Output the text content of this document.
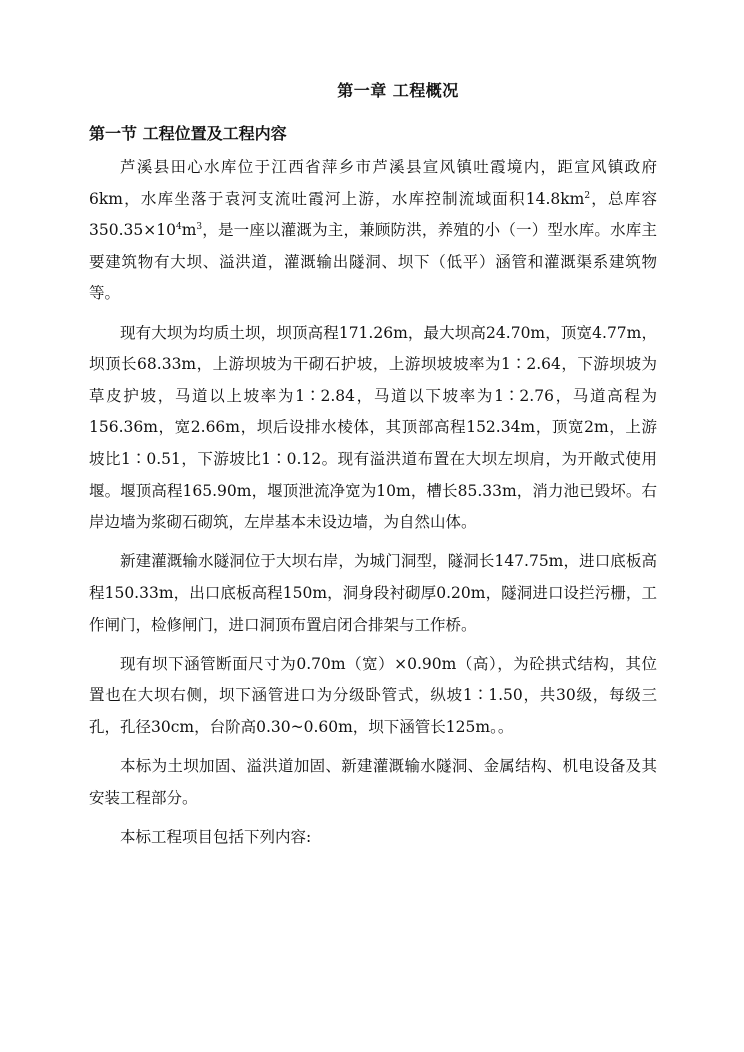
第一章 工程概况
第一节 工程位置及工程内容

芦溪县田心水库位于江西省萍乡市芦溪县宣风镇吐霞境内，距宣风镇政府6km，水库坐落于袁河支流吐霞河上游，水库控制流域面积$14.8km^2$，总库容$350.35\times 10^4m^3$，是一座以灌溉为主，兼顾防洪，养殖的小（一）型水库。水库主要建筑物有大坝、溢洪道，灌溉输出隧洞、坝下（低平）涵管和灌溉渠系建筑物等。

现有大坝为均质土坝，坝顶高程171.26m，最大坝高24.70m，顶宽4.77m，坝顶长68.33m，上游坝坡为干砌石护坡，上游坝坡坡率为1∶2.64，下游坝坡为草皮护坡，马道以上坡率为1∶2.84，马道以下坡率为1∶2.76，马道高程为156.36m，宽2.66m，坝后设排水棱体，其顶部高程152.34m，顶宽2m，上游坡比1∶0.51，下游坡比1∶0.12。现有溢洪道布置在大坝左坝肩，为开敞式使用堰。堰顶高程165.90m，堰顶泄流净宽为10m，槽长85.33m，消力池已毁坏。右岸边墙为浆砌石砌筑，左岸基本未设边墙，为自然山体。

新建灌溉输水隧洞位于大坝右岸，为城门洞型，隧洞长147.75m，进口底板高程150.33m，出口底板高程150m，洞身段衬砌厚0.20m，隧洞进口设拦污栅，工作闸门，检修闸门，进口洞顶布置启闭合排架与工作桥。

现有坝下涵管断面尺寸为0.70m（宽）×0.90m（高），为砼拱式结构，其位置也在大坝右侧，坝下涵管进口为分级卧管式，纵坡1∶1.50，共30级，每级三孔，孔径30cm，台阶高0.30~0.60m，坝下涵管长125m。。

本标为土坝加固、溢洪道加固、新建灌溉输水隧洞、金属结构、机电设备及其安装工程部分。

本标工程项目包括下列内容:
